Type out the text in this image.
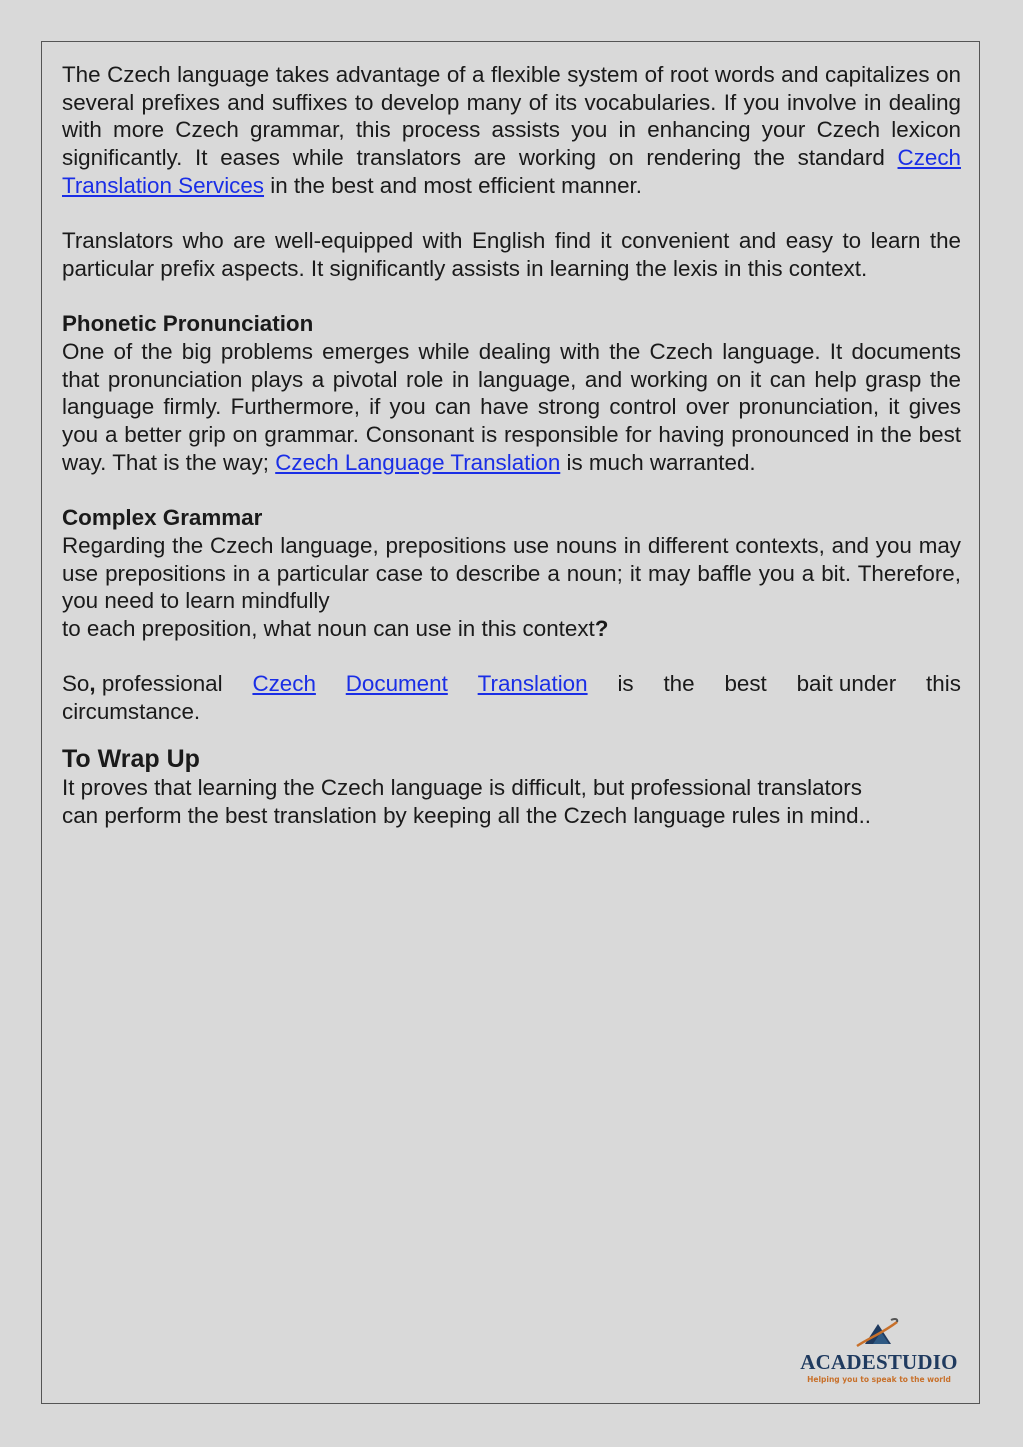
The Czech language takes advantage of a flexible system of root words and capitalizes on several prefixes and suffixes to develop many of its vocabularies. If you involve in dealing with more Czech grammar, this process assists you in enhancing your Czech lexicon significantly. It eases while translators are working on rendering the standard Czech Translation Services in the best and most efficient manner.

Translators who are well-equipped with English find it convenient and easy to learn the particular prefix aspects. It significantly assists in learning the lexis in this context.

Phonetic Pronunciation
One of the big problems emerges while dealing with the Czech language. It documents that pronunciation plays a pivotal role in language, and working on it can help grasp the language firmly. Furthermore, if you can have strong control over pronunciation, it gives you a better grip on grammar. Consonant is responsible for having pronounced in the best way. That is the way; Czech Language Translation is much warranted.

Complex Grammar
Regarding the Czech language, prepositions use nouns in different contexts, and you may use prepositions in a particular case to describe a noun; it may baffle you a bit. Therefore, you need to learn mindfully
to each preposition, what noun can use in this context?

So, professional Czech Document Translation is the best bait under this
circumstance.

To Wrap Up
It proves that learning the Czech language is difficult, but professional translators
can perform the best translation by keeping all the Czech language rules in mind..

ACADESTUDIO
Helping you to speak to the world
